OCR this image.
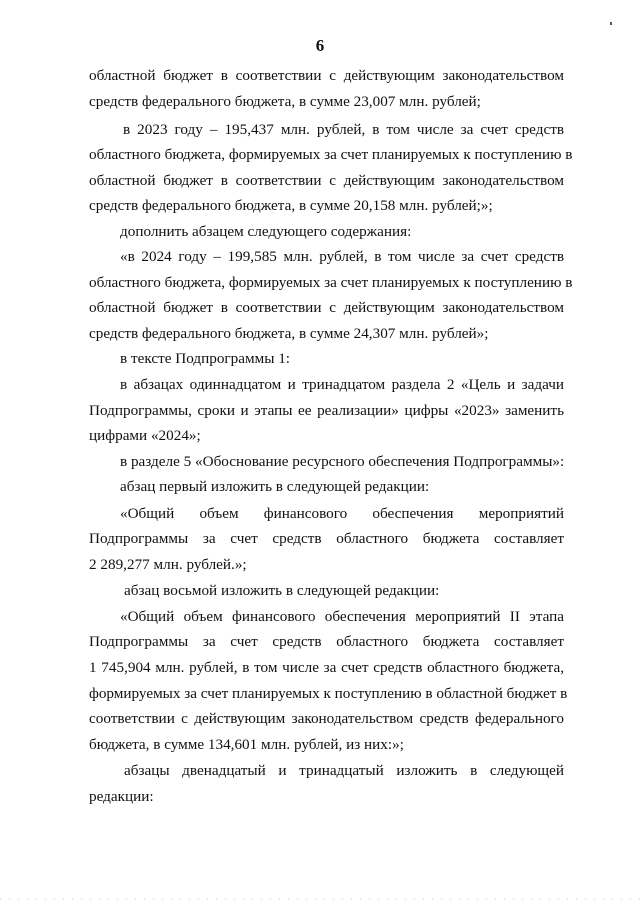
6
областной бюджет в соответствии с действующим законодательством
средств федерального бюджета, в сумме 23,007 млн. рублей;
в 2023 году – 195,437 млн. рублей, в том числе за счет средств
областного бюджета, формируемых за счет планируемых к поступлению в
областной бюджет в соответствии с действующим законодательством
средств федерального бюджета, в сумме 20,158 млн. рублей;»;
дополнить абзацем следующего содержания:
«в 2024 году – 199,585 млн. рублей, в том числе за счет средств
областного бюджета, формируемых за счет планируемых к поступлению в
областной бюджет в соответствии с действующим законодательством
средств федерального бюджета, в сумме 24,307 млн. рублей»;
в тексте Подпрограммы 1:
в абзацах одиннадцатом и тринадцатом раздела 2 «Цель и задачи
Подпрограммы, сроки и этапы ее реализации» цифры «2023» заменить
цифрами «2024»;
в разделе 5 «Обоснование ресурсного обеспечения Подпрограммы»:
абзац первый изложить в следующей редакции:
«Общий объем финансового обеспечения мероприятий
Подпрограммы за счет средств областного бюджета составляет
2 289,277 млн. рублей.»;
абзац восьмой изложить в следующей редакции:
«Общий объем финансового обеспечения мероприятий II этапа
Подпрограммы за счет средств областного бюджета составляет
1 745,904 млн. рублей, в том числе за счет средств областного бюджета,
формируемых за счет планируемых к поступлению в областной бюджет в
соответствии с действующим законодательством средств федерального
бюджета, в сумме 134,601 млн. рублей, из них:»;
абзацы двенадцатый и тринадцатый изложить в следующей
редакции:
